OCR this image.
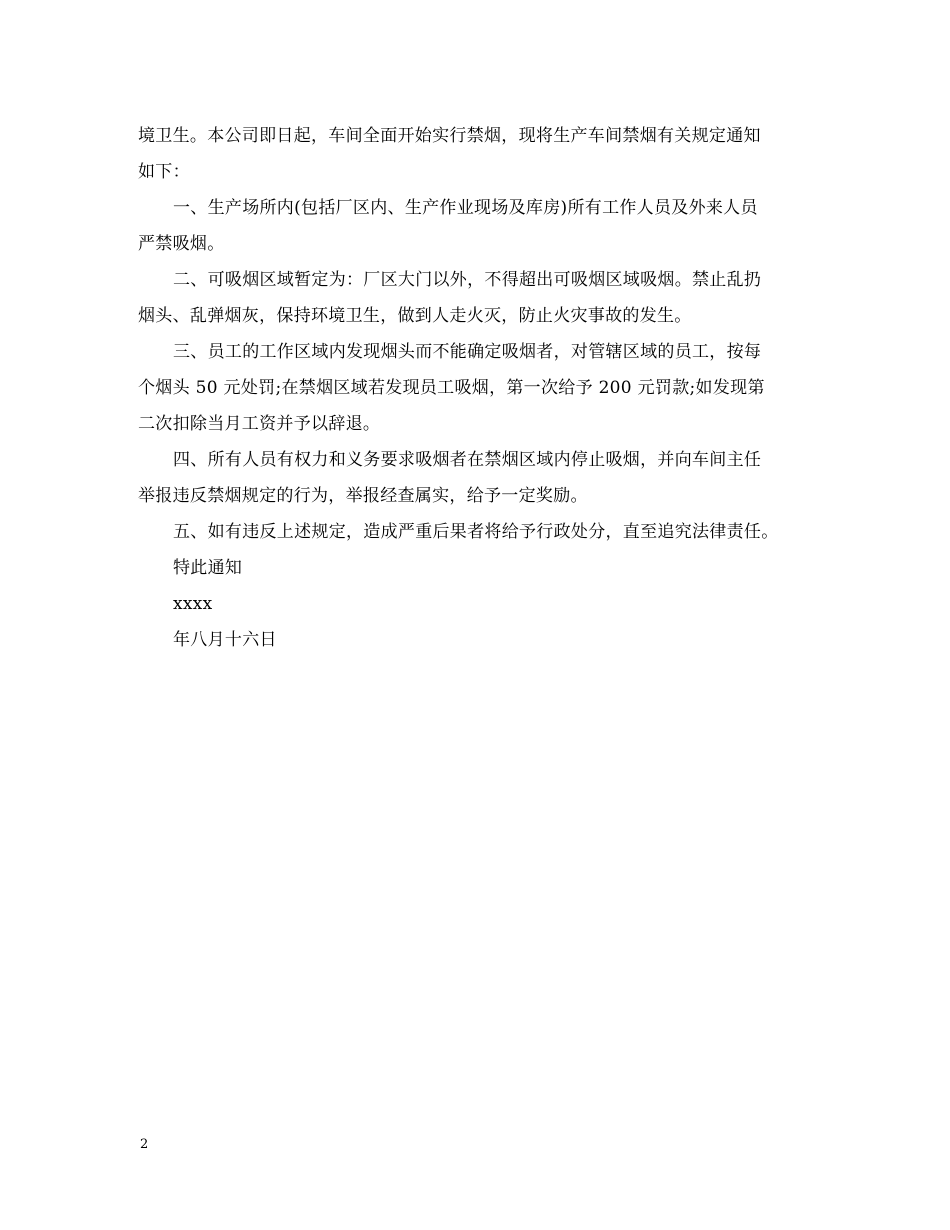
境卫生。本公司即日起，车间全面开始实行禁烟，现将生产车间禁烟有关规定通知
如下：

一、生产场所内(包括厂区内、生产作业现场及库房)所有工作人员及外来人员
严禁吸烟。

二、可吸烟区域暂定为：厂区大门以外，不得超出可吸烟区域吸烟。禁止乱扔
烟头、乱弹烟灰，保持环境卫生，做到人走火灭，防止火灾事故的发生。

三、员工的工作区域内发现烟头而不能确定吸烟者，对管辖区域的员工，按每
个烟头 50 元处罚;在禁烟区域若发现员工吸烟，第一次给予 200 元罚款;如发现第
二次扣除当月工资并予以辞退。

四、所有人员有权力和义务要求吸烟者在禁烟区域内停止吸烟，并向车间主任
举报违反禁烟规定的行为，举报经查属实，给予一定奖励。

五、如有违反上述规定，造成严重后果者将给予行政处分，直至追究法律责任。

特此通知

xxxx

年八月十六日

2
